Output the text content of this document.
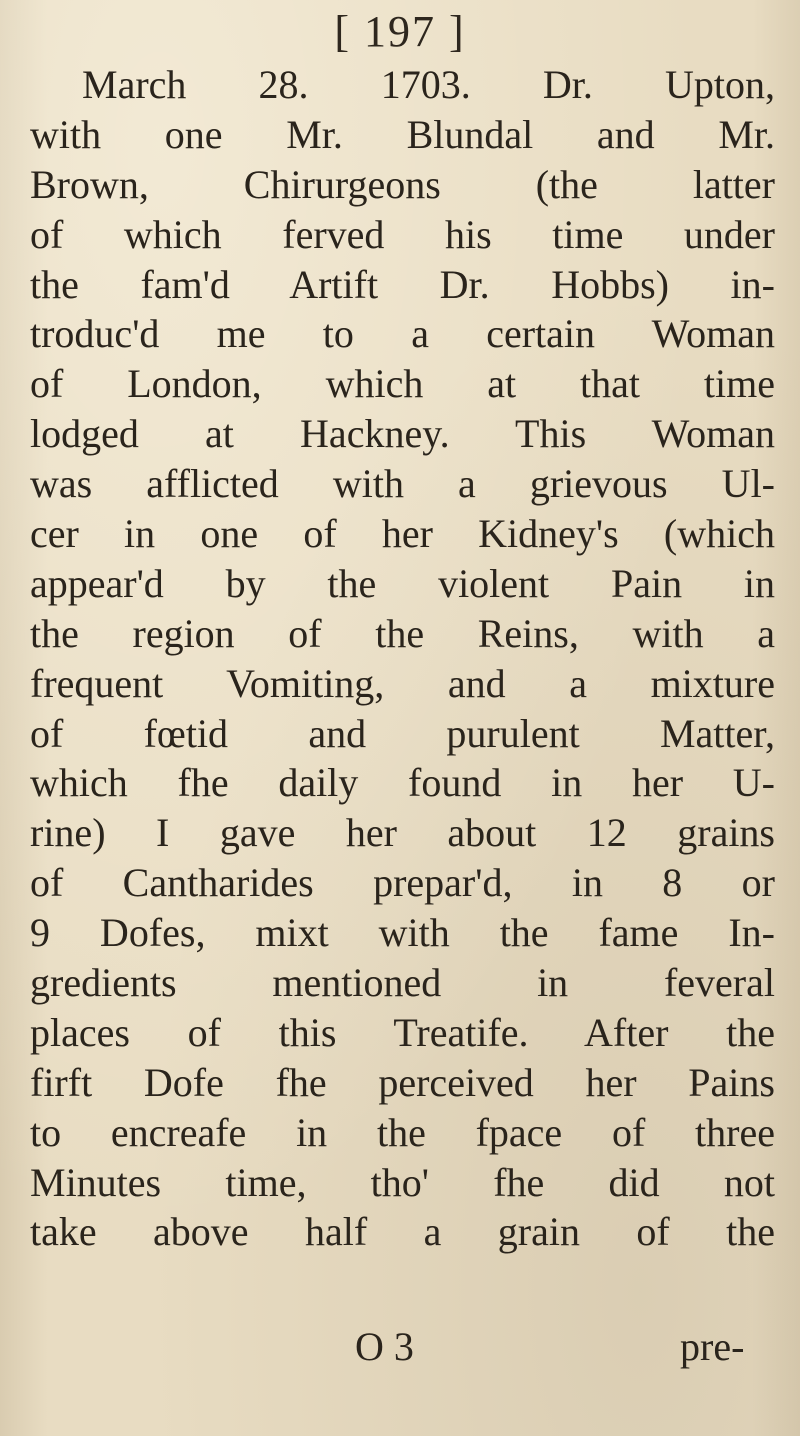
[ 197 ]
March 28. 1703. Dr. Upton,
with one Mr. Blundal and Mr.
Brown, Chirurgeons (the latter
of which ferved his time under
the fam'd Artift Dr. Hobbs) in-
troduc'd me to a certain Woman
of London, which at that time
lodged at Hackney. This Woman
was afflicted with a grievous Ul-
cer in one of her Kidney's (which
appear'd by the violent Pain in
the region of the Reins, with a
frequent Vomiting, and a mixture
of fœtid and purulent Matter,
which fhe daily found in her U-
rine) I gave her about 12 grains
of Cantharides prepar'd, in 8 or
9 Dofes, mixt with the fame In-
gredients mentioned in feveral
places of this Treatife. After the
firft Dofe fhe perceived her Pains
to encreafe in the fpace of three
Minutes time, tho' fhe did not
take above half a grain of the
O 3	pre-
